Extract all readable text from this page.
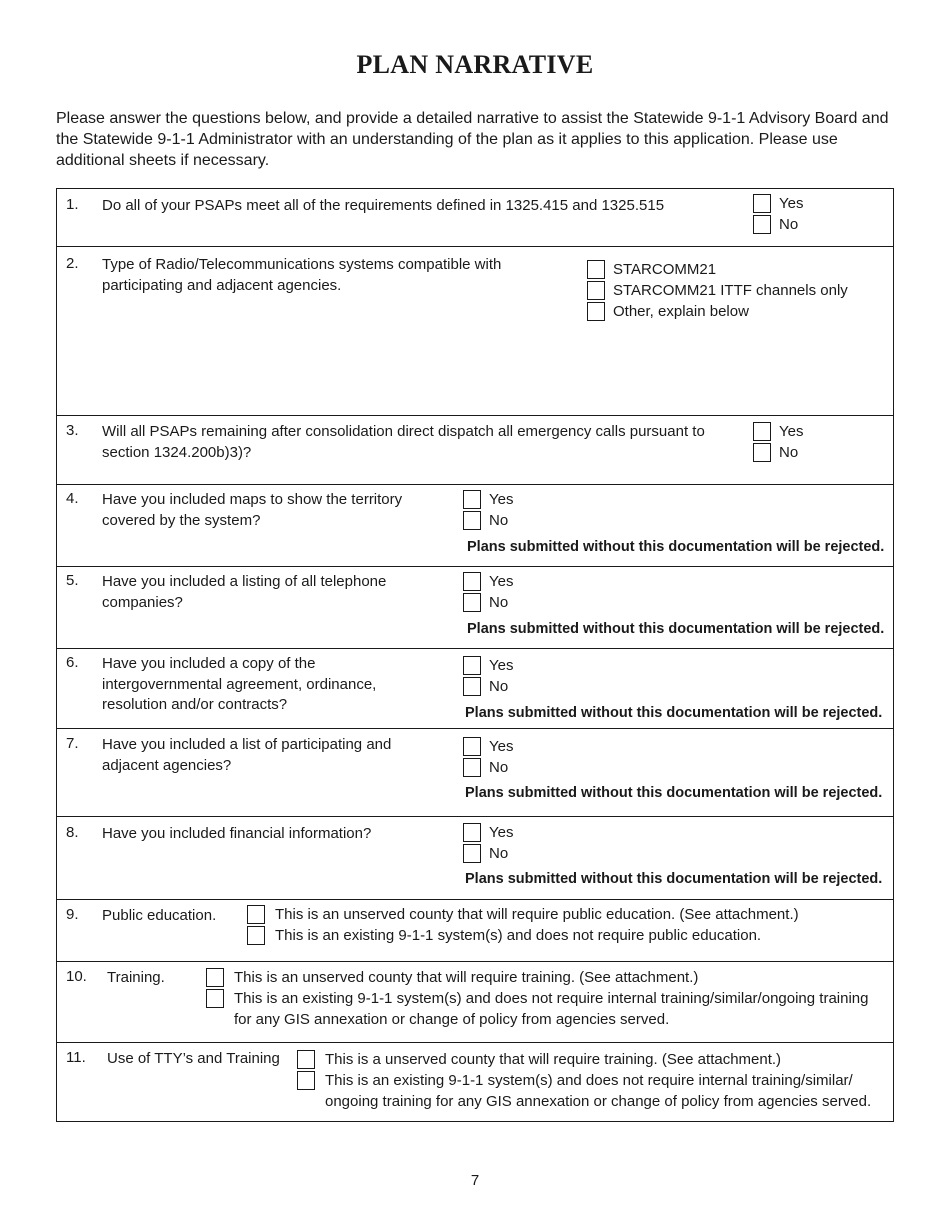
PLAN NARRATIVE
Please answer the questions below, and provide a detailed narrative to assist the Statewide 9-1-1 Advisory Board and the Statewide 9-1-1 Administrator with an understanding of the plan as it applies to this application. Please use additional sheets if necessary.
1. Do all of your PSAPs meet all of the requirements defined in 1325.415 and 1325.515	Yes
No
2. Type of Radio/Telecommunications systems compatible with participating and adjacent agencies.
STARCOMM21
STARCOMM21 ITTF channels only
Other, explain below
3. Will all PSAPs remaining after consolidation direct dispatch all emergency calls pursuant to section 1324.200b)3)?
Yes
No
4. Have you included maps to show the territory covered by the system?
Yes
No
Plans submitted without this documentation will be rejected.
5. Have you included a listing of all telephone companies?
Yes
No
Plans submitted without this documentation will be rejected.
6. Have you included a copy of the intergovernmental agreement, ordinance, resolution and/or contracts?
Yes
No
Plans submitted without this documentation will be rejected.
7. Have you included a list of participating and adjacent agencies?
Yes
No
Plans submitted without this documentation will be rejected.
8. Have you included financial information?	Yes
No
Plans submitted without this documentation will be rejected.
9. Public education.	This is an unserved county that will require public education. (See attachment.)
This is an existing 9-1-1 system(s) and does not require public education.
10. Training.	This is an unserved county that will require training. (See attachment.)
This is an existing 9-1-1 system(s) and does not require internal training/similar/ongoing training for any GIS annexation or change of policy from agencies served.
11. Use of TTY’s and Training	This is a unserved county that will require training. (See attachment.)
This is an existing 9-1-1 system(s) and does not require internal training/similar/ ongoing training for any GIS annexation or change of policy from agencies served.
7
